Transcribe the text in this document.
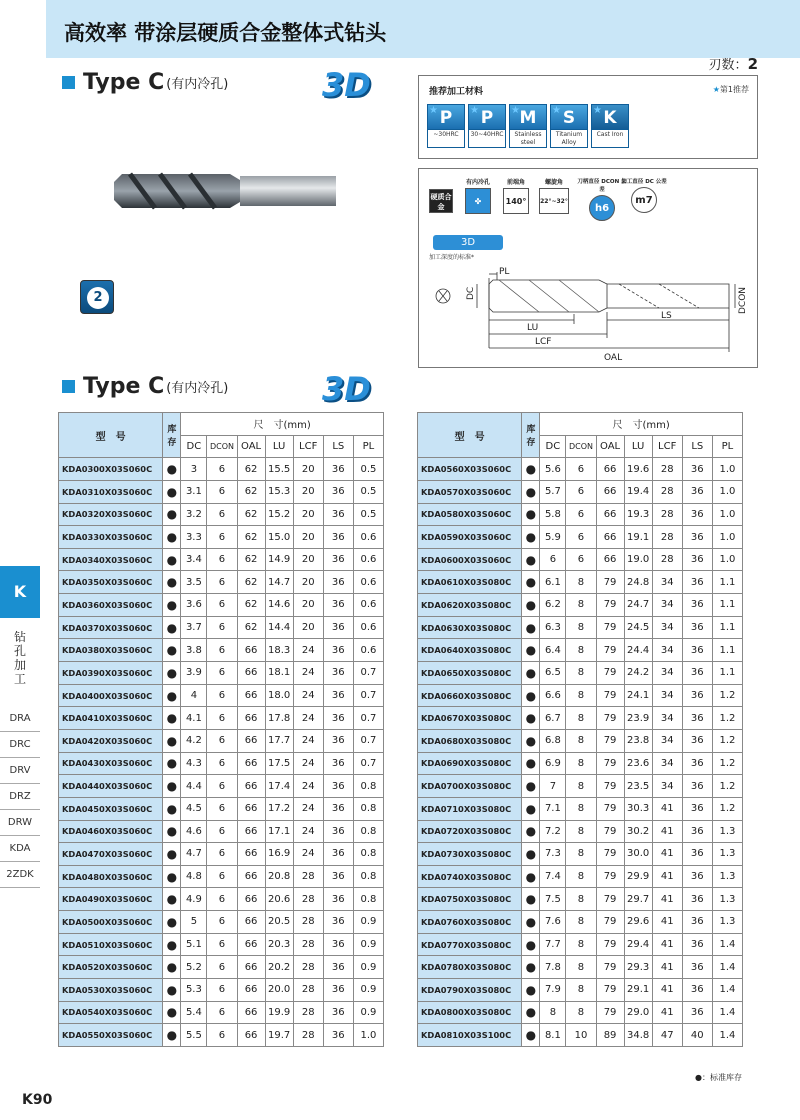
高效率 带涂层硬质合金整体式钻头
刃数：2
Type C (有内冷孔)	3D
2
推荐加工材料	★第1推荐
★ P
~30HRC
★ P
30~40HRC
★ M
Stainless steel
★ S
Titanium Alloy
★ K
Cast Iron
硬质合金
有内冷孔
✤
前端角
140°
螺旋角
22°~32°
刀柄直径 DCON 公差
h6
加工直径 DC 公差
m7
3D
加工深度的标准*
PL
LU
LCF
LS
OAL
DC	DCON
Type C (有内冷孔)	3D
型　号	库存	尺　寸(mm)						
		DC	DCON	OAL	LU	LCF	LS	PL
KDA0300X03S060C	●	3	6	62	15.5	20	36	0.5
KDA0310X03S060C	●	3.1	6	62	15.3	20	36	0.5
KDA0320X03S060C	●	3.2	6	62	15.2	20	36	0.5
KDA0330X03S060C	●	3.3	6	62	15.0	20	36	0.6
KDA0340X03S060C	●	3.4	6	62	14.9	20	36	0.6
KDA0350X03S060C	●	3.5	6	62	14.7	20	36	0.6
KDA0360X03S060C	●	3.6	6	62	14.6	20	36	0.6
KDA0370X03S060C	●	3.7	6	62	14.4	20	36	0.6
KDA0380X03S060C	●	3.8	6	66	18.3	24	36	0.6
KDA0390X03S060C	●	3.9	6	66	18.1	24	36	0.7
KDA0400X03S060C	●	4	6	66	18.0	24	36	0.7
KDA0410X03S060C	●	4.1	6	66	17.8	24	36	0.7
KDA0420X03S060C	●	4.2	6	66	17.7	24	36	0.7
KDA0430X03S060C	●	4.3	6	66	17.5	24	36	0.7
KDA0440X03S060C	●	4.4	6	66	17.4	24	36	0.8
KDA0450X03S060C	●	4.5	6	66	17.2	24	36	0.8
KDA0460X03S060C	●	4.6	6	66	17.1	24	36	0.8
KDA0470X03S060C	●	4.7	6	66	16.9	24	36	0.8
KDA0480X03S060C	●	4.8	6	66	20.8	28	36	0.8
KDA0490X03S060C	●	4.9	6	66	20.6	28	36	0.8
KDA0500X03S060C	●	5	6	66	20.5	28	36	0.9
KDA0510X03S060C	●	5.1	6	66	20.3	28	36	0.9
KDA0520X03S060C	●	5.2	6	66	20.2	28	36	0.9
KDA0530X03S060C	●	5.3	6	66	20.0	28	36	0.9
KDA0540X03S060C	●	5.4	6	66	19.9	28	36	0.9
KDA0550X03S060C	●	5.5	6	66	19.7	28	36	1.0
型　号	库存	尺　寸(mm)						
		DC	DCON	OAL	LU	LCF	LS	PL
KDA0560X03S060C	●	5.6	6	66	19.6	28	36	1.0
KDA0570X03S060C	●	5.7	6	66	19.4	28	36	1.0
KDA0580X03S060C	●	5.8	6	66	19.3	28	36	1.0
KDA0590X03S060C	●	5.9	6	66	19.1	28	36	1.0
KDA0600X03S060C	●	6	6	66	19.0	28	36	1.0
KDA0610X03S080C	●	6.1	8	79	24.8	34	36	1.1
KDA0620X03S080C	●	6.2	8	79	24.7	34	36	1.1
KDA0630X03S080C	●	6.3	8	79	24.5	34	36	1.1
KDA0640X03S080C	●	6.4	8	79	24.4	34	36	1.1
KDA0650X03S080C	●	6.5	8	79	24.2	34	36	1.1
KDA0660X03S080C	●	6.6	8	79	24.1	34	36	1.2
KDA0670X03S080C	●	6.7	8	79	23.9	34	36	1.2
KDA0680X03S080C	●	6.8	8	79	23.8	34	36	1.2
KDA0690X03S080C	●	6.9	8	79	23.6	34	36	1.2
KDA0700X03S080C	●	7	8	79	23.5	34	36	1.2
KDA0710X03S080C	●	7.1	8	79	30.3	41	36	1.2
KDA0720X03S080C	●	7.2	8	79	30.2	41	36	1.3
KDA0730X03S080C	●	7.3	8	79	30.0	41	36	1.3
KDA0740X03S080C	●	7.4	8	79	29.9	41	36	1.3
KDA0750X03S080C	●	7.5	8	79	29.7	41	36	1.3
KDA0760X03S080C	●	7.6	8	79	29.6	41	36	1.3
KDA0770X03S080C	●	7.7	8	79	29.4	41	36	1.4
KDA0780X03S080C	●	7.8	8	79	29.3	41	36	1.4
KDA0790X03S080C	●	7.9	8	79	29.1	41	36	1.4
KDA0800X03S080C	●	8	8	79	29.0	41	36	1.4
KDA0810X03S100C	●	8.1	10	89	34.8	47	40	1.4
K
钻孔加工
DRA
DRC
DRV
DRZ
DRW
KDA
2ZDK
K90
●：标准库存
